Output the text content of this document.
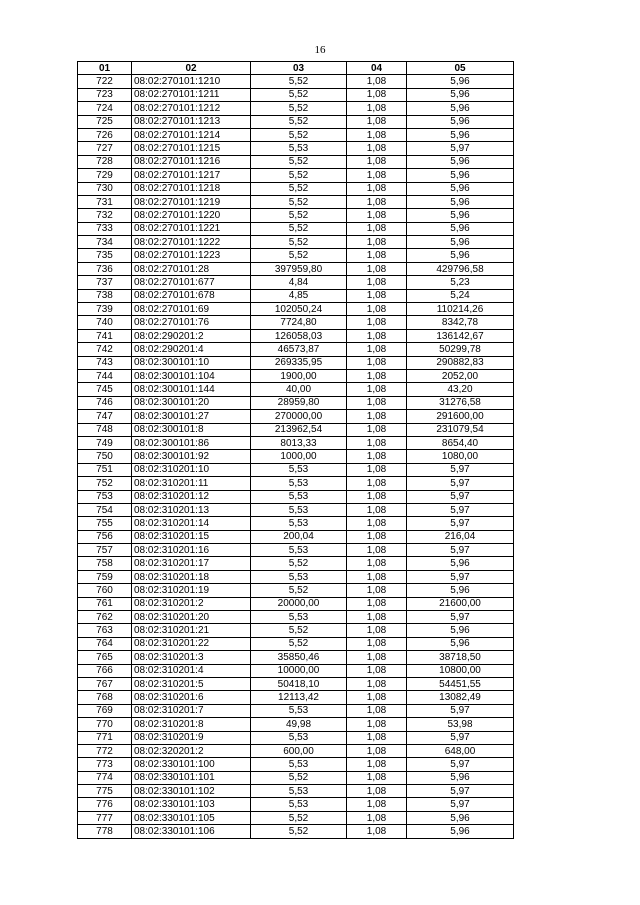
16
01	02	03	04	05
722	08:02:270101:1210	5,52	1,08	5,96
723	08:02:270101:1211	5,52	1,08	5,96
724	08:02:270101:1212	5,52	1,08	5,96
725	08:02:270101:1213	5,52	1,08	5,96
726	08:02:270101:1214	5,52	1,08	5,96
727	08:02:270101:1215	5,53	1,08	5,97
728	08:02:270101:1216	5,52	1,08	5,96
729	08:02:270101:1217	5,52	1,08	5,96
730	08:02:270101:1218	5,52	1,08	5,96
731	08:02:270101:1219	5,52	1,08	5,96
732	08:02:270101:1220	5,52	1,08	5,96
733	08:02:270101:1221	5,52	1,08	5,96
734	08:02:270101:1222	5,52	1,08	5,96
735	08:02:270101:1223	5,52	1,08	5,96
736	08:02:270101:28	397959,80	1,08	429796,58
737	08:02:270101:677	4,84	1,08	5,23
738	08:02:270101:678	4,85	1,08	5,24
739	08:02:270101:69	102050,24	1,08	110214,26
740	08:02:270101:76	7724,80	1,08	8342,78
741	08:02:290201:2	126058,03	1,08	136142,67
742	08:02:290201:4	46573,87	1,08	50299,78
743	08:02:300101:10	269335,95	1,08	290882,83
744	08:02:300101:104	1900,00	1,08	2052,00
745	08:02:300101:144	40,00	1,08	43,20
746	08:02:300101:20	28959,80	1,08	31276,58
747	08:02:300101:27	270000,00	1,08	291600,00
748	08:02:300101:8	213962,54	1,08	231079,54
749	08:02:300101:86	8013,33	1,08	8654,40
750	08:02:300101:92	1000,00	1,08	1080,00
751	08:02:310201:10	5,53	1,08	5,97
752	08:02:310201:11	5,53	1,08	5,97
753	08:02:310201:12	5,53	1,08	5,97
754	08:02:310201:13	5,53	1,08	5,97
755	08:02:310201:14	5,53	1,08	5,97
756	08:02:310201:15	200,04	1,08	216,04
757	08:02:310201:16	5,53	1,08	5,97
758	08:02:310201:17	5,52	1,08	5,96
759	08:02:310201:18	5,53	1,08	5,97
760	08:02:310201:19	5,52	1,08	5,96
761	08:02:310201:2	20000,00	1,08	21600,00
762	08:02:310201:20	5,53	1,08	5,97
763	08:02:310201:21	5,52	1,08	5,96
764	08:02:310201:22	5,52	1,08	5,96
765	08:02:310201:3	35850,46	1,08	38718,50
766	08:02:310201:4	10000,00	1,08	10800,00
767	08:02:310201:5	50418,10	1,08	54451,55
768	08:02:310201:6	12113,42	1,08	13082,49
769	08:02:310201:7	5,53	1,08	5,97
770	08:02:310201:8	49,98	1,08	53,98
771	08:02:310201:9	5,53	1,08	5,97
772	08:02:320201:2	600,00	1,08	648,00
773	08:02:330101:100	5,53	1,08	5,97
774	08:02:330101:101	5,52	1,08	5,96
775	08:02:330101:102	5,53	1,08	5,97
776	08:02:330101:103	5,53	1,08	5,97
777	08:02:330101:105	5,52	1,08	5,96
778	08:02:330101:106	5,52	1,08	5,96
